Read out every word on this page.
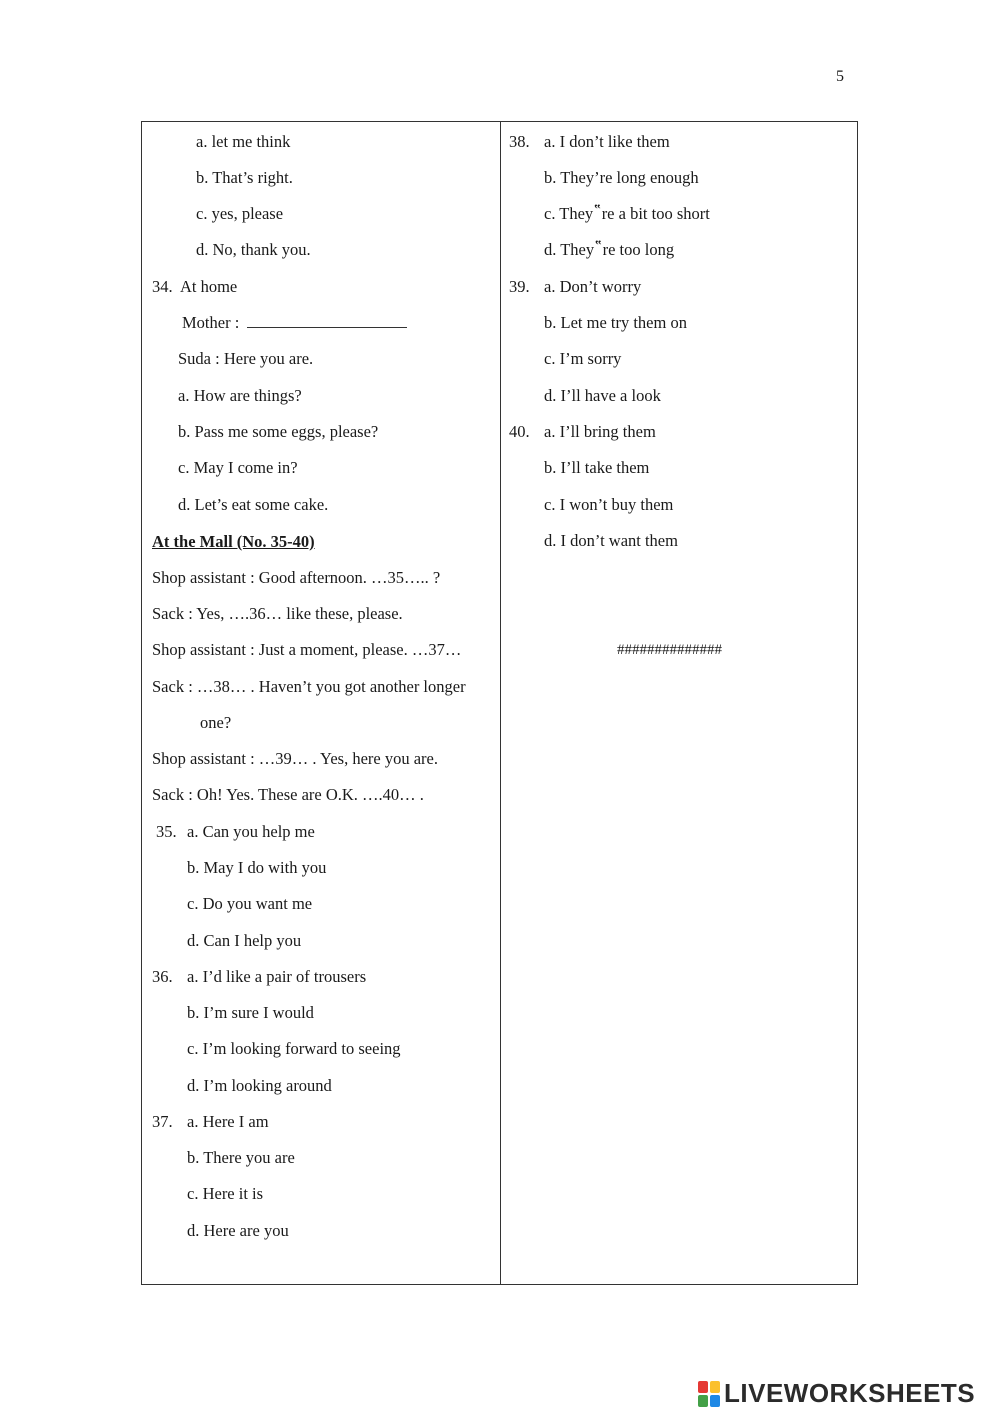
5
a. let me think
b. That’s right.
c. yes, please
d. No, thank you.
34. At home
Mother :
Suda : Here you are.
a. How are things?
b. Pass me some eggs, please?
c. May I come in?
d. Let’s eat some cake.
At the Mall (No. 35-40)
Shop assistant : Good afternoon. …35….. ?
Sack : Yes, ….36… like these, please.
Shop assistant : Just a moment, please. …37…
Sack : …38… . Haven’t you got another longer
one?
Shop assistant : …39… . Yes, here you are.
Sack : Oh! Yes. These are O.K. ….40… .
35. a. Can you help me
b. May I do with you
c. Do you want me
d. Can I help you
36. a. I’d like a pair of trousers
b. I’m sure I would
c. I’m looking forward to seeing
d. I’m looking around
37. a. Here I am
b. There you are
c. Here it is
d. Here are you
38. a. I don’t like them
b. They’re long enough
c. They‟re a bit too short
d. They‟re too long
39. a. Don’t worry
b. Let me try them on
c. I’m sorry
d. I’ll have a look
40. a. I’ll bring them
b. I’ll take them
c. I won’t buy them
d. I don’t want them
##############
LIVEWORKSHEETS
